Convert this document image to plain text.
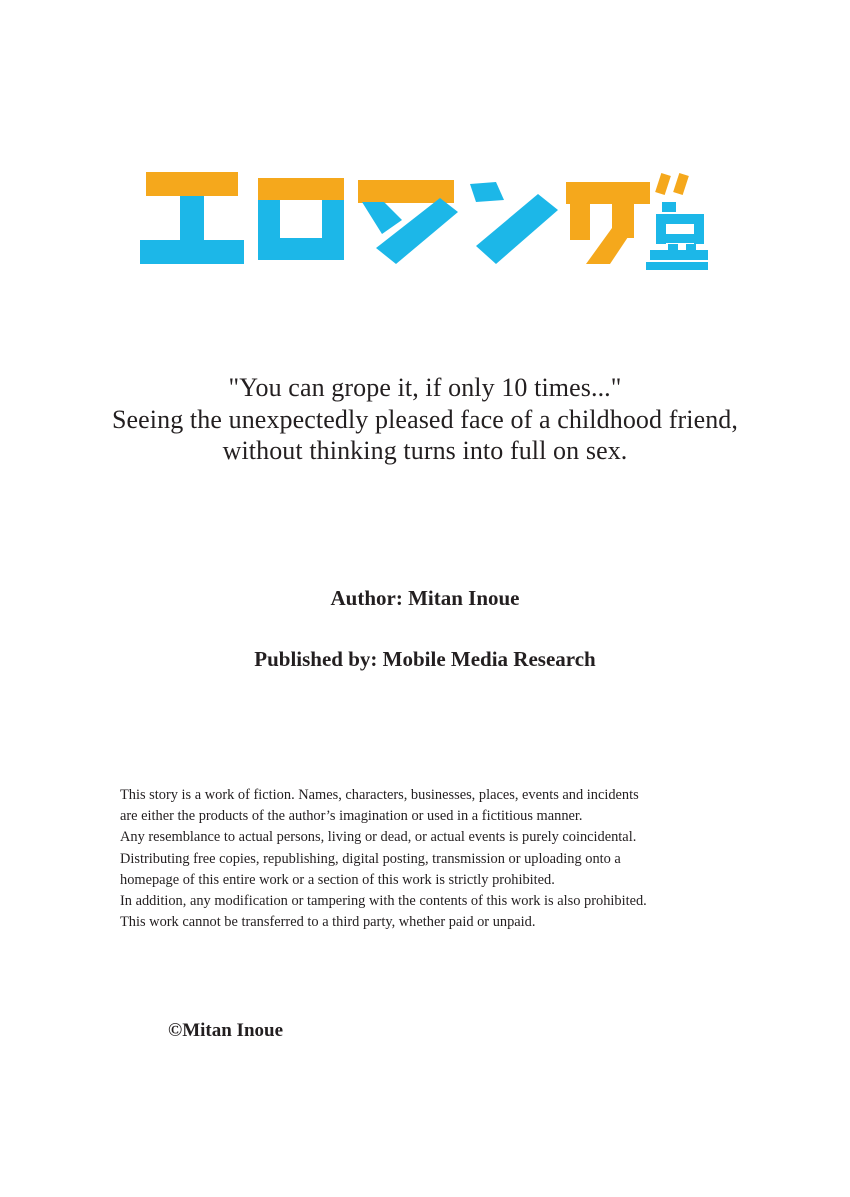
"You can grope it, if only 10 times..."
Seeing the unexpectedly pleased face of a childhood friend,
without thinking turns into full on sex.
Author: Mitan Inoue
Published by: Mobile Media Research

This story is a work of fiction. Names, characters, businesses, places, events and incidents

are either the products of the author’s imagination or used in a fictitious manner.

Any resemblance to actual persons, living or dead, or actual events is purely coincidental.

Distributing free copies, republishing, digital posting, transmission or uploading onto a

homepage of this entire work or a section of this work is strictly prohibited.

In addition, any modification or tampering with the contents of this work is also prohibited.

This work cannot be transferred to a third party, whether paid or unpaid.

©Mitan Inoue
